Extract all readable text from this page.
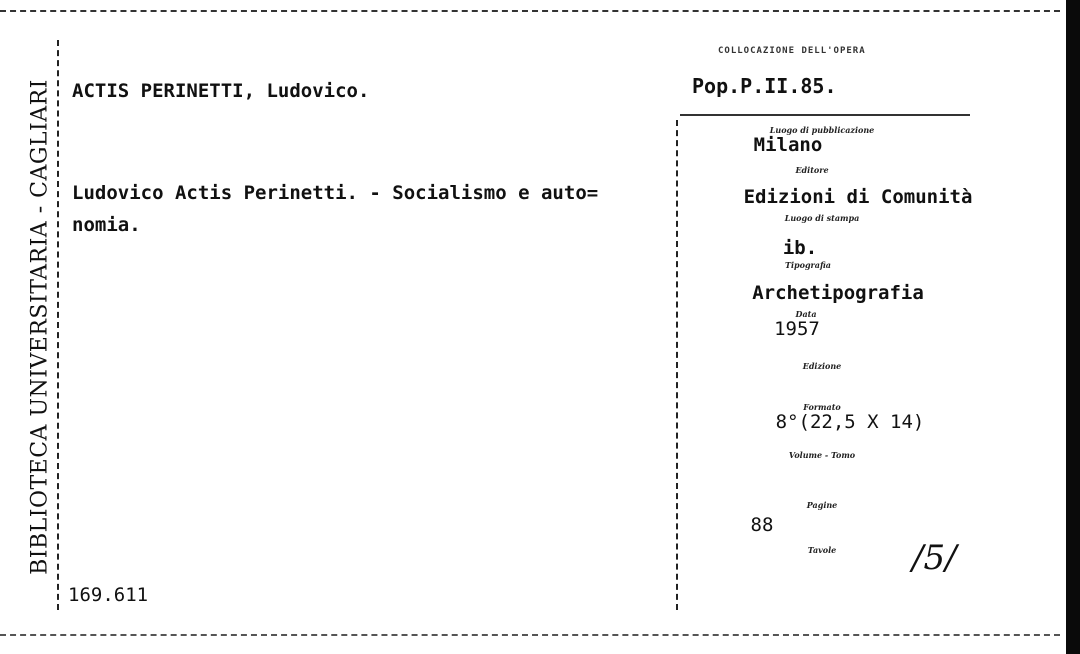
BIBLIOTECA UNIVERSITARIA - CAGLIARI
COLLOCAZIONE DELL'OPERA
Pop.P.II.85.
ACTIS PERINETTI, Ludovico.
Ludovico Actis Perinetti. - Socialismo e auto=
nomia.
169.611
Luogo di pubblicazione
Milano
Editore
Edizioni di Comunità
Luogo di stampa
ib.
Tipografia
Archetipografia
Data
1957
Edizione
Formato
8°(22,5 X 14)
Volume - Tomo
Pagine
88
Tavole /5/
